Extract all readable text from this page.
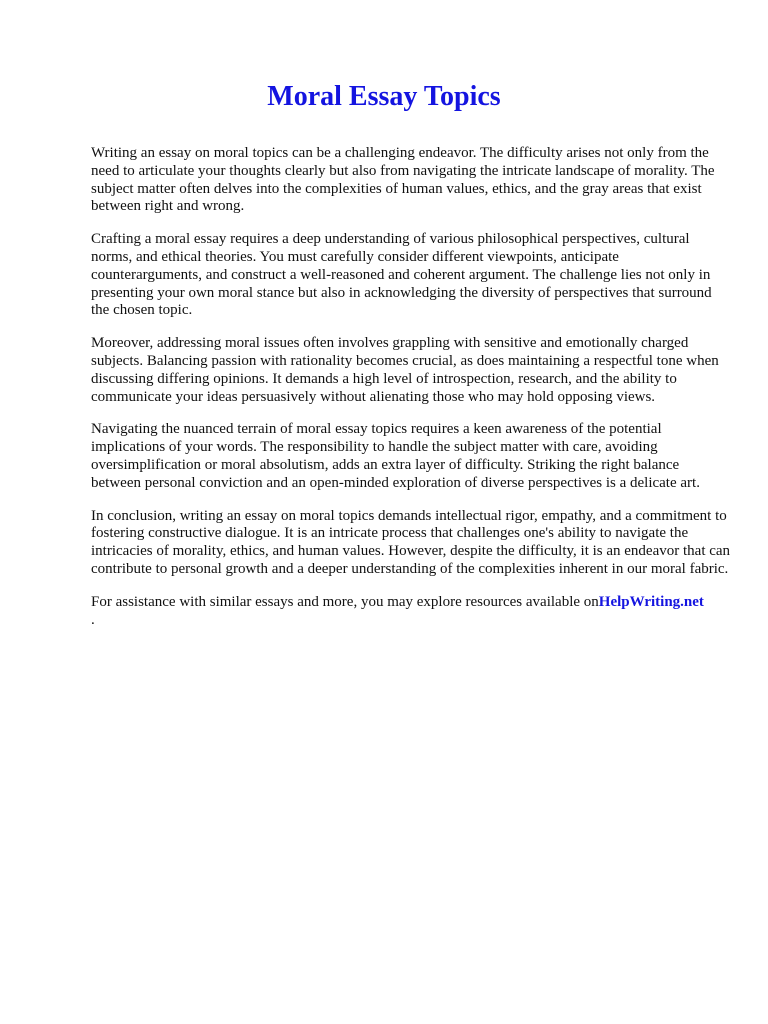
Moral Essay Topics

Writing an essay on moral topics can be a challenging endeavor. The difficulty arises not only from the need to articulate your thoughts clearly but also from navigating the intricate landscape of morality. The subject matter often delves into the complexities of human values, ethics, and the gray areas that exist between right and wrong.

Crafting a moral essay requires a deep understanding of various philosophical perspectives, cultural norms, and ethical theories. You must carefully consider different viewpoints, anticipate counterarguments, and construct a well-reasoned and coherent argument. The challenge lies not only in presenting your own moral stance but also in acknowledging the diversity of perspectives that surround the chosen topic.

Moreover, addressing moral issues often involves grappling with sensitive and emotionally charged subjects. Balancing passion with rationality becomes crucial, as does maintaining a respectful tone when discussing differing opinions. It demands a high level of introspection, research, and the ability to communicate your ideas persuasively without alienating those who may hold opposing views.

Navigating the nuanced terrain of moral essay topics requires a keen awareness of the potential implications of your words. The responsibility to handle the subject matter with care, avoiding oversimplification or moral absolutism, adds an extra layer of difficulty. Striking the right balance between personal conviction and an open-minded exploration of diverse perspectives is a delicate art.

In conclusion, writing an essay on moral topics demands intellectual rigor, empathy, and a commitment to fostering constructive dialogue. It is an intricate process that challenges one's ability to navigate the intricacies of morality, ethics, and human values. However, despite the difficulty, it is an endeavor that can contribute to personal growth and a deeper understanding of the complexities inherent in our moral fabric.

For assistance with similar essays and more, you may explore resources available onHelpWriting.net
.
